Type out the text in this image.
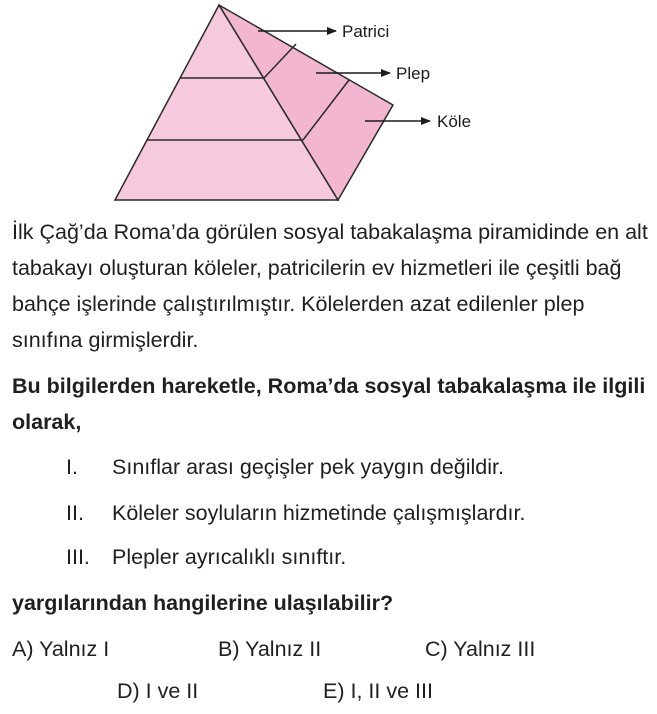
Patrici
Plep
Köle

İlk Çağ’da Roma’da görülen sosyal tabakalaşma piramidinde en alt tabakayı oluşturan köleler, patricilerin ev hizmetleri ile çeşitli bağ bahçe işlerinde çalıştırılmıştır. Kölelerden azat edilenler plep sınıfına girmişlerdir.

Bu bilgilerden hareketle, Roma’da sosyal tabakalaşma ile ilgili olarak,

I. Sınıflar arası geçişler pek yaygın değildir.
II. Köleler soyluların hizmetinde çalışmışlardır.
III. Plepler ayrıcalıklı sınıftır.

yargılarından hangilerine ulaşılabilir?

A) Yalnız I	B) Yalnız II	C) Yalnız III
D) I ve II	E) I, II ve III
